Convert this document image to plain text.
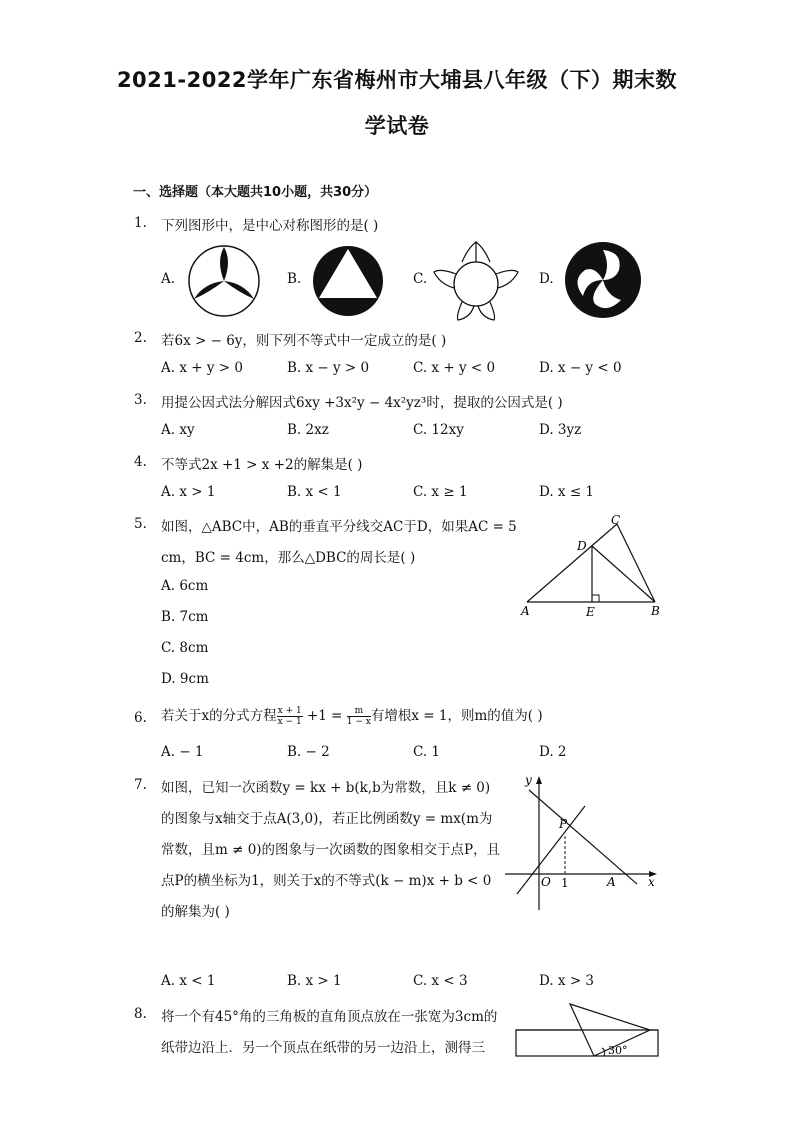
2021-2022学年广东省梅州市大埔县八年级（下）期末数
学试卷
一、选择题（本大题共10小题，共30分）
1. 下列图形中，是中心对称图形的是( )
A.	B.	C.	D.
2. 若6x > − 6y，则下列不等式中一定成立的是( )
A. x + y > 0	B. x − y > 0	C. x + y < 0	D. x − y < 0
3. 用提公因式法分解因式6xy +3x²y − 4x²yz³时，提取的公因式是( )
A. xy	B. 2xz	C. 12xy	D. 3yz
4. 不等式2x +1 > x +2的解集是( )
A. x > 1	B. x < 1	C. x ≥ 1	D. x ≤ 1
5. 如图，△ABC中，AB的垂直平分线交AC于D，如果AC = 5
cm，BC = 4cm，那么△DBC的周长是( )
A. 6cm
B. 7cm
C. 8cm
D. 9cm
C
D
A	E	B
6. 若关于x的分式方程 $\frac{x + 1}{x - 1} +1 = \frac{m}{1 - x}$ 有增根x = 1，则m的值为( )
A. − 1	B. − 2	C. 1	D. 2
7. 如图，已知一次函数y = kx + b(k,b为常数，且k ≠ 0)
的图象与x轴交于点A(3,0)，若正比例函数y = mx(m为
常数，且m ≠ 0)的图象与一次函数的图象相交于点P，且
点P的横坐标为1，则关于x的不等式(k − m)x + b < 0
的解集为( )
A. x < 1	B. x > 1	C. x < 3	D. x > 3
y
x
P
O 1	A
8. 将一个有45°角的三角板的直角顶点放在一张宽为3cm的
纸带边沿上．另一个顶点在纸带的另一边沿上，测得三	30°
